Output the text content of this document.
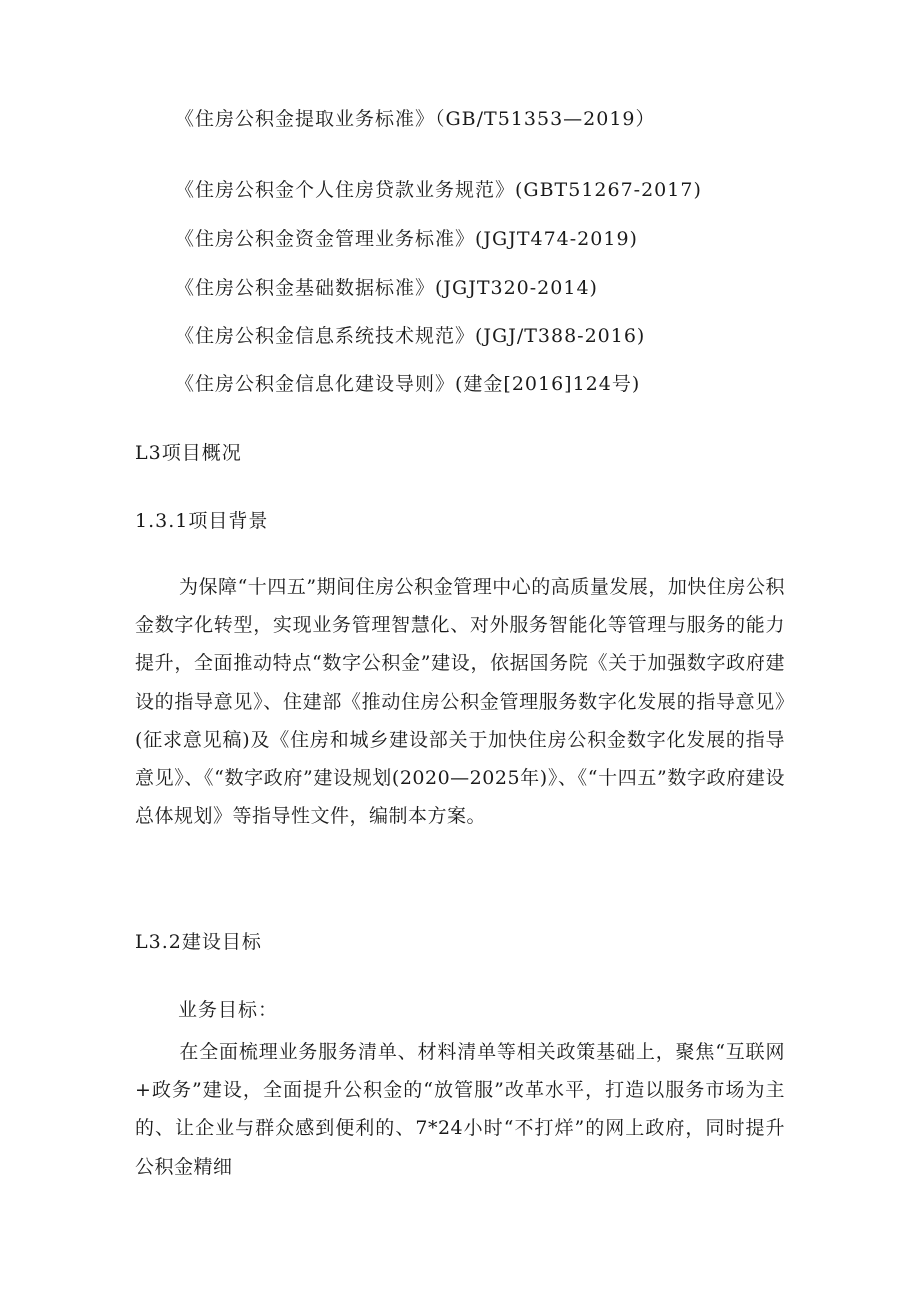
《住房公积金提取业务标准》（GB/T51353—2019）
《住房公积金个人住房贷款业务规范》(GBT51267-2017)
《住房公积金资金管理业务标准》(JGJT474-2019)
《住房公积金基础数据标准》(JGJT320-2014)
《住房公积金信息系统技术规范》(JGJ/T388-2016)
《住房公积金信息化建设导则》(建金[2016]124号)
L3项目概况
1.3.1项目背景
为保障“十四五”期间住房公积金管理中心的高质量发展，加快住房公积金数字化转型，实现业务管理智慧化、对外服务智能化等管理与服务的能力提升，全面推动特点“数字公积金”建设，依据国务院《关于加强数字政府建设的指导意见》、住建部《推动住房公积金管理服务数字化发展的指导意见》(征求意见稿)及《住房和城乡建设部关于加快住房公积金数字化发展的指导意见》、《“数字政府”建设规划(2020—2025年)》、《“十四五”数字政府建设总体规划》等指导性文件，编制本方案。
L3.2建设目标
业务目标：
在全面梳理业务服务清单、材料清单等相关政策基础上，聚焦“互联网+政务”建设，全面提升公积金的“放管服”改革水平，打造以服务市场为主的、让企业与群众感到便利的、7*24小时“不打烊”的网上政府，同时提升公积金精细
